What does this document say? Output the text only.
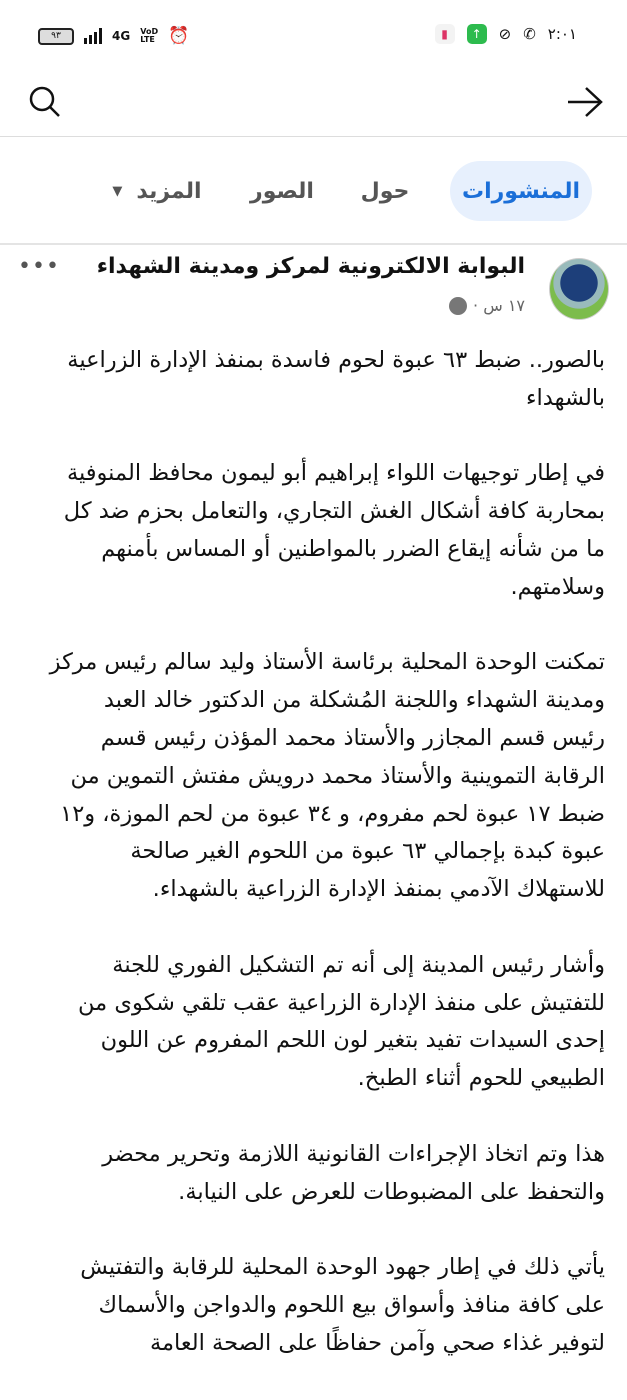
٩٣	4G VoD LTE ⏰	▮	↑	⊘ ✆ ٢:٠١
المنشورات
حول
الصور
المزيد
▼
البوابة الالكترونية لمركز ومدينة الشهداء
١٧ س ·
•••
بالصور.. ضبط ٦٣ عبوة لحوم فاسدة بمنفذ الإدارة الزراعية
بالشهداء
في إطار توجيهات اللواء إبراهيم أبو ليمون محافظ المنوفية
بمحاربة كافة أشكال الغش التجاري، والتعامل بحزم ضد كل
ما من شأنه إيقاع الضرر بالمواطنين أو المساس بأمنهم
وسلامتهم.
تمكنت الوحدة المحلية برئاسة الأستاذ وليد سالم رئيس مركز
ومدينة الشهداء واللجنة المُشكلة من الدكتور خالد العبد
رئيس قسم المجازر والأستاذ محمد المؤذن رئيس قسم
الرقابة التموينية والأستاذ محمد درويش مفتش التموين من
ضبط ١٧ عبوة لحم مفروم، و ٣٤ عبوة من لحم الموزة، و١٢
عبوة كبدة بإجمالي ٦٣ عبوة من اللحوم الغير صالحة
للاستهلاك الآدمي بمنفذ الإدارة الزراعية بالشهداء.
وأشار رئيس المدينة إلى أنه تم التشكيل الفوري للجنة
للتفتيش على منفذ الإدارة الزراعية عقب تلقي شكوى من
إحدى السيدات تفيد بتغير لون اللحم المفروم عن اللون
الطبيعي للحوم أثناء الطبخ.
هذا وتم اتخاذ الإجراءات القانونية اللازمة وتحرير محضر
والتحفظ على المضبوطات للعرض على النيابة.
يأتي ذلك في إطار جهود الوحدة المحلية للرقابة والتفتيش
على كافة منافذ وأسواق بيع اللحوم والدواجن والأسماك
لتوفير غذاء صحي وآمن حفاظًا على الصحة العامة
